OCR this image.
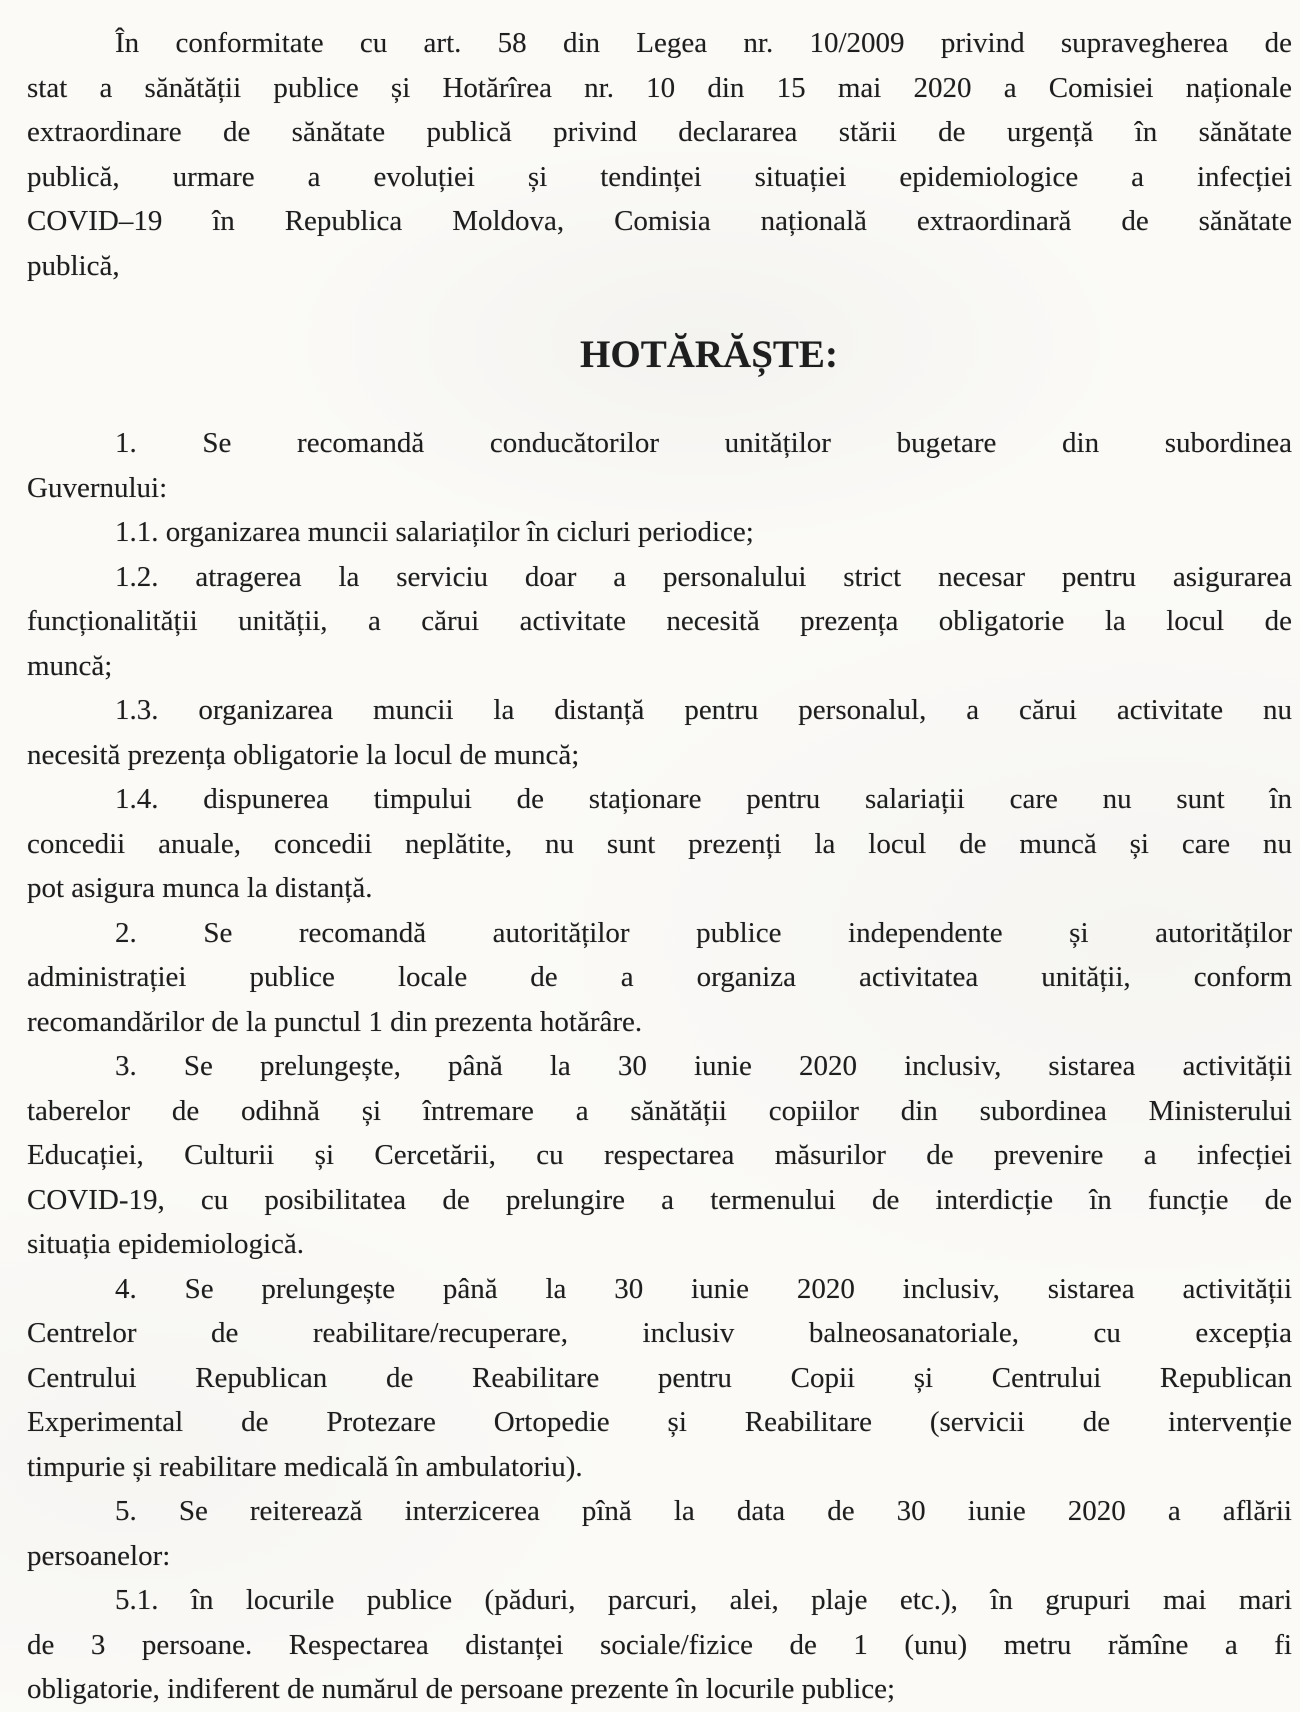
În conformitate cu art. 58 din Legea nr. 10/2009 privind supravegherea de
stat a sănătății publice și Hotărîrea nr. 10 din 15 mai 2020 a Comisiei naționale
extraordinare de sănătate publică privind declararea stării de urgență în sănătate
publică, urmare a evoluției și tendinței situației epidemiologice a infecției
COVID–19 în Republica Moldova, Comisia națională extraordinară de sănătate
publică,
HOTĂRĂȘTE:
1. Se recomandă conducătorilor unităților bugetare din subordinea
Guvernului:
1.1. organizarea muncii salariaților în cicluri periodice;
1.2. atragerea la serviciu doar a personalului strict necesar pentru asigurarea
funcționalității unității, a cărui activitate necesită prezența obligatorie la locul de
muncă;
1.3. organizarea muncii la distanță pentru personalul, a cărui activitate nu
necesită prezența obligatorie la locul de muncă;
1.4. dispunerea timpului de staționare pentru salariații care nu sunt în
concedii anuale, concedii neplătite, nu sunt prezenți la locul de muncă și care nu
pot asigura munca la distanță.
2. Se recomandă autorităților publice independente și autorităților
administrației publice locale de a organiza activitatea unității, conform
recomandărilor de la punctul 1 din prezenta hotărâre.
3. Se prelungește, până la 30 iunie 2020 inclusiv, sistarea activității
taberelor de odihnă și întremare a sănătății copiilor din subordinea Ministerului
Educației, Culturii și Cercetării, cu respectarea măsurilor de prevenire a infecției
COVID-19, cu posibilitatea de prelungire a termenului de interdicție în funcție de
situația epidemiologică.
4. Se prelungește până la 30 iunie 2020 inclusiv, sistarea activității
Centrelor de reabilitare/recuperare, inclusiv balneosanatoriale, cu excepția
Centrului Republican de Reabilitare pentru Copii și Centrului Republican
Experimental de Protezare Ortopedie și Reabilitare (servicii de intervenție
timpurie și reabilitare medicală în ambulatoriu).
5. Se reiterează interzicerea pînă la data de 30 iunie 2020 a aflării
persoanelor:
5.1. în locurile publice (păduri, parcuri, alei, plaje etc.), în grupuri mai mari
de 3 persoane. Respectarea distanței sociale/fizice de 1 (unu) metru rămîne a fi
obligatorie, indiferent de numărul de persoane prezente în locurile publice;
